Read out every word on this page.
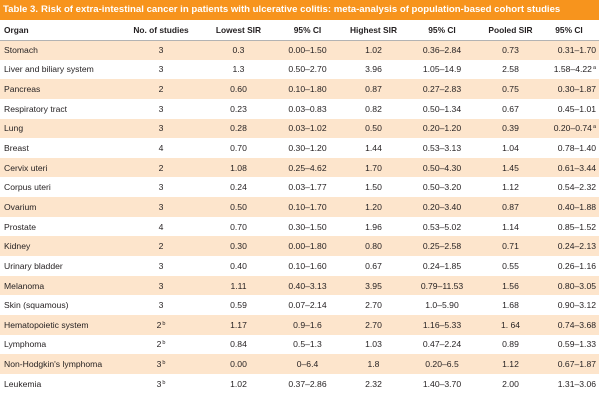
Table 3. Risk of extra-intestinal cancer in patients with ulcerative colitis: meta-analysis of population-based cohort studies
Organ	No. of studies	Lowest SIR	95% CI	Highest SIR	95% CI	Pooled SIR	95% CI
Stomach	3	0.3	0.00–1.50	1.02	0.36–2.84	0.73	0.31–1.70
Liver and biliary system	3	1.3	0.50–2.70	3.96	1.05–14.9	2.58	1.58–4.22$^a$
Pancreas	2	0.60	0.10–1.80	0.87	0.27–2.83	0.75	0.30–1.87
Respiratory tract	3	0.23	0.03–0.83	0.82	0.50–1.34	0.67	0.45–1.01
Lung	3	0.28	0.03–1.02	0.50	0.20–1.20	0.39	0.20–0.74$^a$
Breast	4	0.70	0.30–1.20	1.44	0.53–3.13	1.04	0.78–1.40
Cervix uteri	2	1.08	0.25–4.62	1.70	0.50–4.30	1.45	0.61–3.44
Corpus uteri	3	0.24	0.03–1.77	1.50	0.50–3.20	1.12	0.54–2.32
Ovarium	3	0.50	0.10–1.70	1.20	0.20–3.40	0.87	0.40–1.88
Prostate	4	0.70	0.30–1.50	1.96	0.53–5.02	1.14	0.85–1.52
Kidney	2	0.30	0.00–1.80	0.80	0.25–2.58	0.71	0.24–2.13
Urinary bladder	3	0.40	0.10–1.60	0.67	0.24–1.85	0.55	0.26–1.16
Melanoma	3	1.11	0.40–3.13	3.95	0.79–11.53	1.56	0.80–3.05
Skin (squamous)	3	0.59	0.07–2.14	2.70	1.0–5.90	1.68	0.90–3.12
Hematopoietic system	2$^b$	1.17	0.9–1.6	2.70	1.16–5.33	1. 64	0.74–3.68
Lymphoma	2$^b$	0.84	0.5–1.3	1.03	0.47–2.24	0.89	0.59–1.33
Non-Hodgkin's lymphoma	3$^b$	0.00	0–6.4	1.8	0.20–6.5	1.12	0.67–1.87
Leukemia	3$^b$	1.02	0.37–2.86	2.32	1.40–3.70	2.00	1.31–3.06
